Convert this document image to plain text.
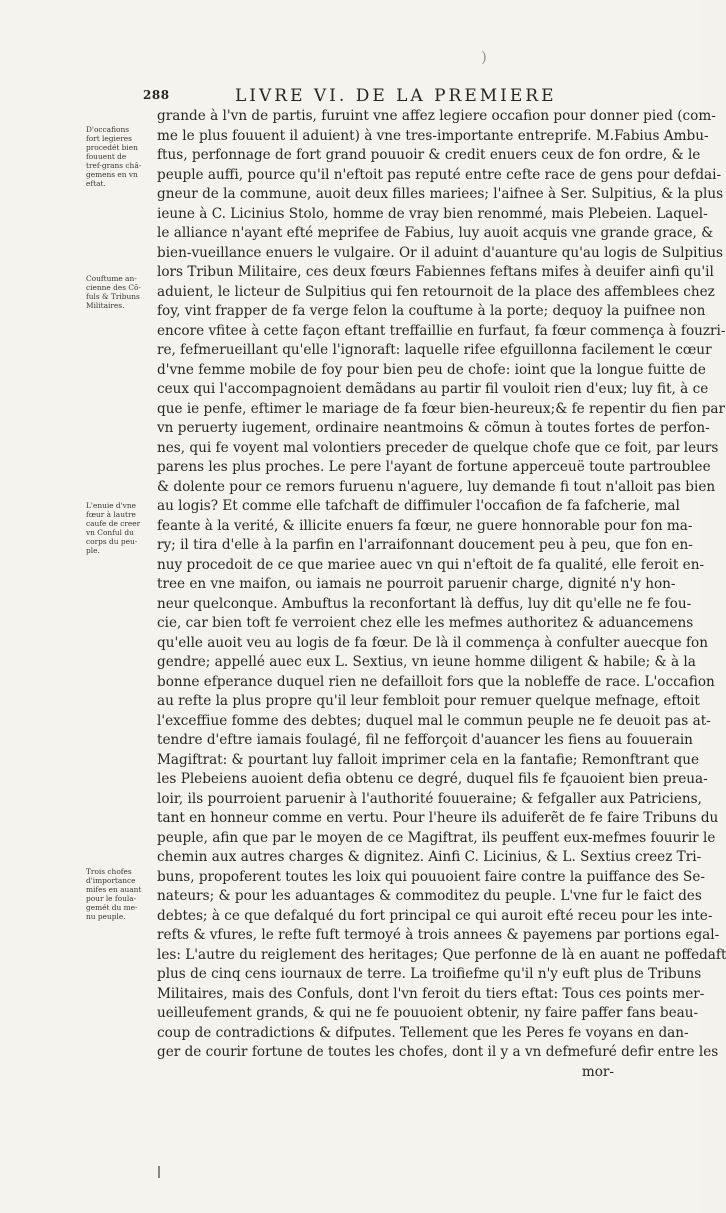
)
288	LIVRE VI. DE LA PREMIERE
grande à l'vn de partis, furuint vne affez legiere occafion pour donner pied (com-
me le plus fouuent il aduient) à vne tres-importante entreprife. M.Fabius Ambu-
ftus, perfonnage de fort grand pouuoir & credit enuers ceux de fon ordre, & le
peuple auffi, pource qu'il n'eftoit pas reputé entre cefte race de gens pour defdai-
gneur de la commune, auoit deux filles mariees; l'aifnee à Ser. Sulpitius, & la plus
ieune à C. Licinius Stolo, homme de vray bien renommé, mais Plebeien. Laquel-
le alliance n'ayant efté meprifee de Fabius, luy auoit acquis vne grande grace, &
bien-vueillance enuers le vulgaire. Or il aduint d'auanture qu'au logis de Sulpitius
lors Tribun Militaire, ces deux fœurs Fabiennes feftans mifes à deuifer ainfi qu'il
aduient, le licteur de Sulpitius qui fen retournoit de la place des affemblees chez
foy, vint frapper de fa verge felon la couftume à la porte; dequoy la puifnee non
encore vfitee à cette façon eftant treffaillie en furfaut, fa fœur commença à fouzri-
re, fefmerueillant qu'elle l'ignoraft: laquelle rifee efguillonna facilement le cœur
d'vne femme mobile de foy pour bien peu de chofe: ioint que la longue fuitte de
ceux qui l'accompagnoient demãdans au partir fil vouloit rien d'eux; luy fit, à ce
que ie penfe, eftimer le mariage de fa fœur bien-heureux;& fe repentir du fien par
vn peruerty iugement, ordinaire neantmoins & cõmun à toutes fortes de perfon-
nes, qui fe voyent mal volontiers preceder de quelque chofe que ce foit, par leurs
parens les plus proches. Le pere l'ayant de fortune apperceuë toute partroublee
& dolente pour ce remors furuenu n'aguere, luy demande fi tout n'alloit pas bien
au logis? Et comme elle tafchaft de diffimuler l'occafion de fa fafcherie, mal
feante à la verité, & illicite enuers fa fœur, ne guere honnorable pour fon ma-
ry; il tira d'elle à la parfin en l'arraifonnant doucement peu à peu, que fon en-
nuy procedoit de ce que mariee auec vn qui n'eftoit de fa qualité, elle feroit en-
tree en vne maifon, ou iamais ne pourroit paruenir charge, dignité n'y hon-
neur quelconque. Ambuftus la reconfortant là deffus, luy dit qu'elle ne fe fou-
cie, car bien toft fe verroient chez elle les mefmes authoritez & aduancemens
qu'elle auoit veu au logis de fa fœur. De là il commença à confulter auecque fon
gendre; appellé auec eux L. Sextius, vn ieune homme diligent & habile; & à la
bonne efperance duquel rien ne defailloit fors que la nobleffe de race. L'occafion
au refte la plus propre qu'il leur fembloit pour remuer quelque mefnage, eftoit
l'exceffiue fomme des debtes; duquel mal le commun peuple ne fe deuoit pas at-
tendre d'eftre iamais foulagé, fil ne fefforçoit d'auancer les fiens au fouuerain
Magiftrat: & pourtant luy falloit imprimer cela en la fantafie; Remonftrant que
les Plebeiens auoient defia obtenu ce degré, duquel fils fe fçauoient bien preua-
loir, ils pourroient paruenir à l'authorité fouueraine; & fefgaller aux Patriciens,
tant en honneur comme en vertu. Pour l'heure ils aduiferẽt de fe faire Tribuns du
peuple, afin que par le moyen de ce Magiftrat, ils peuffent eux-mefmes fouurir le
chemin aux autres charges & dignitez. Ainfi C. Licinius, & L. Sextius creez Tri-
buns, propoferent toutes les loix qui pouuoient faire contre la puiffance des Se-
nateurs; & pour les aduantages & commoditez du peuple. L'vne fur le faict des
debtes; à ce que defalqué du fort principal ce qui auroit efté receu pour les inte-
refts & vfures, le refte fuft termoyé à trois annees & payemens par portions egal-
les: L'autre du reiglement des heritages; Que perfonne de là en auant ne poffedaft
plus de cinq cens iournaux de terre. La troifiefme qu'il n'y euft plus de Tribuns
Militaires, mais des Confuls, dont l'vn feroit du tiers eftat: Tous ces points mer-
ueilleufement grands, & qui ne fe pouuoient obtenir, ny faire paffer fans beau-
coup de contradictions & difputes. Tellement que les Peres fe voyans en dan-
ger de courir fortune de toutes les chofes, dont il y a vn defmefuré defir entre les
mor-
D'occafions
fort legieres
procedét bien
fouuent de
tref-grans châ-
gemens en vn
eftat.
Couftume an-
cienne des Cõ-
fuls & Tribuns
Militaires.
L'enuie d'vne
fœur à lautre
caufe de creer
vn Conful du
corps du peu-
ple.
Trois chofes
d'importance
mifes en auant
pour le foula-
gemét du me-
nu peuple.
